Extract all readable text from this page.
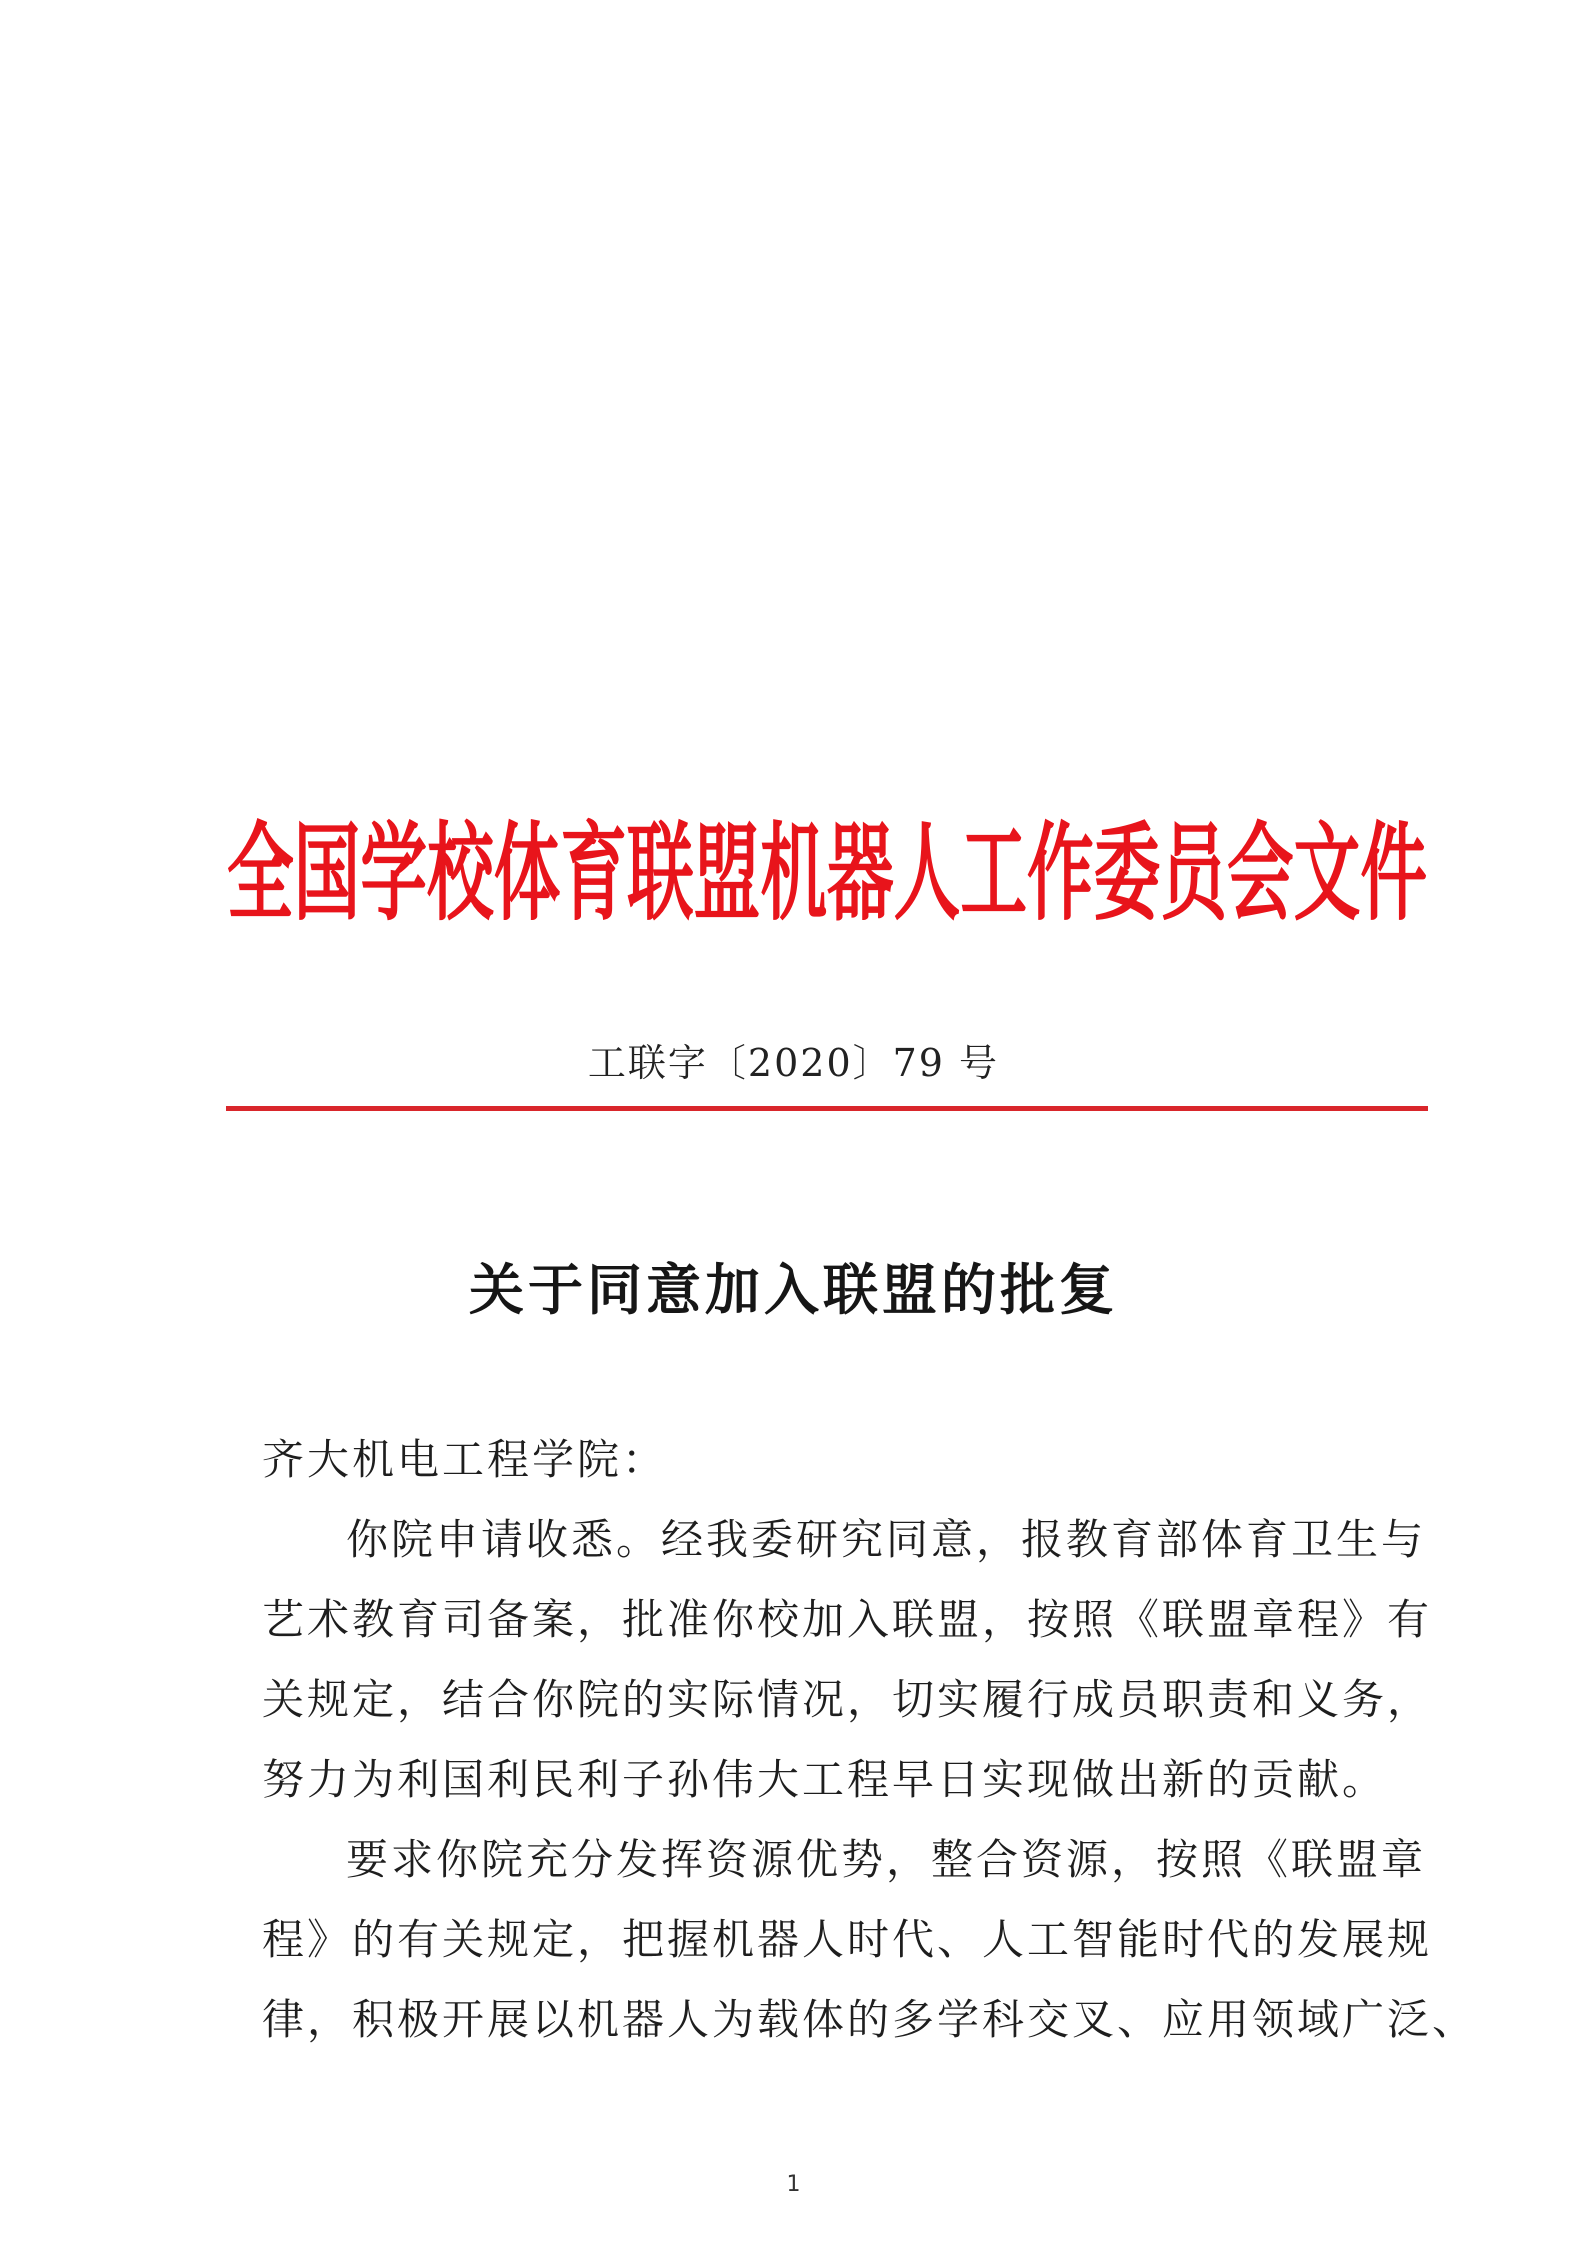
全国学校体育联盟机器人工作委员会文件
工联字〔2020〕79 号
关于同意加入联盟的批复
齐大机电工程学院：
你院申请收悉。经我委研究同意，报教育部体育卫生与
艺术教育司备案，批准你校加入联盟，按照《联盟章程》有
关规定，结合你院的实际情况，切实履行成员职责和义务，
努力为利国利民利子孙伟大工程早日实现做出新的贡献。
要求你院充分发挥资源优势，整合资源，按照《联盟章
程》的有关规定，把握机器人时代、人工智能时代的发展规
律，积极开展以机器人为载体的多学科交叉、应用领域广泛、
1
